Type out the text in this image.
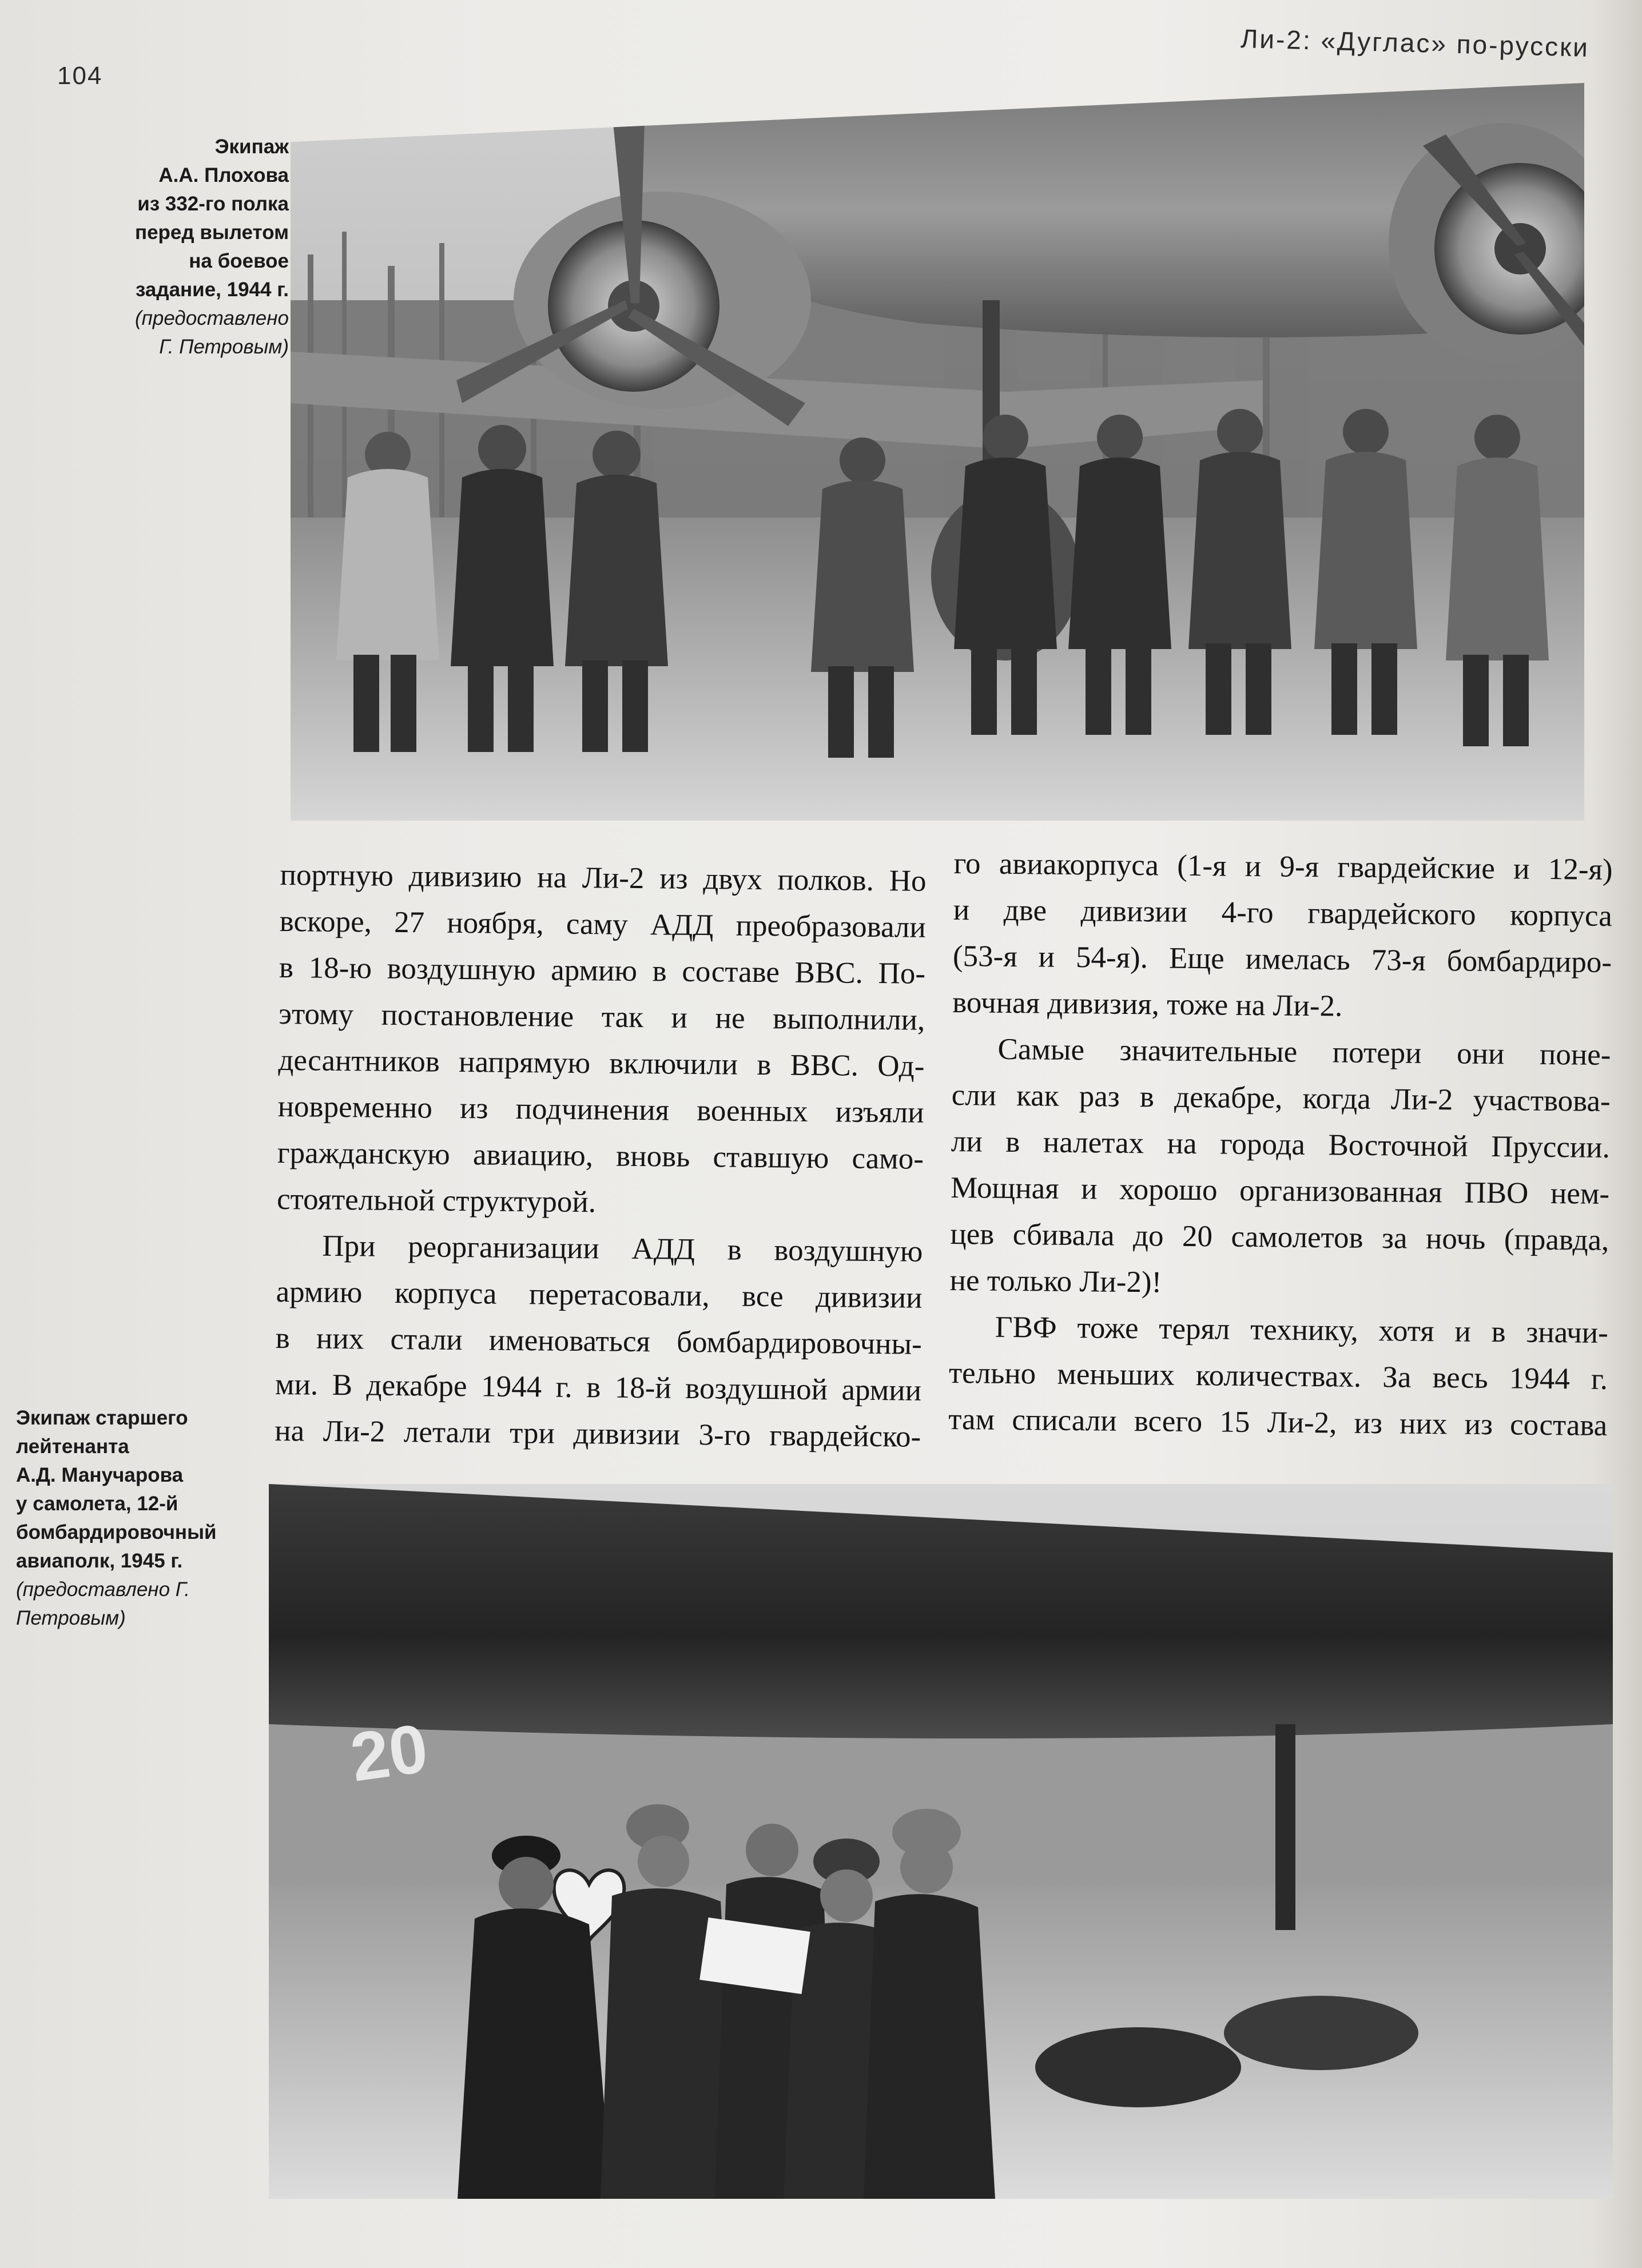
104
Ли-2: «Дуглас» по-русски
Экипаж
А.А. Плохова
из 332-го полка
перед вылетом
на боевое
задание, 1944 г.
(предоставлено
Г. Петровым)
портную дивизию на Ли-2 из двух полков. Но
вскоре, 27 ноября, саму АДД преобразовали
в 18-ю воздушную армию в составе ВВС. По-
этому постановление так и не выполнили,
десантников напрямую включили в ВВС. Од-
новременно из подчинения военных изъяли
гражданскую авиацию, вновь ставшую само-
стоятельной структурой.
При реорганизации АДД в воздушную
армию корпуса перетасовали, все дивизии
в них стали именоваться бомбардировочны-
ми. В декабре 1944 г. в 18-й воздушной армии
на Ли-2 летали три дивизии 3-го гвардейско-
го авиакорпуса (1-я и 9-я гвардейские и 12-я)
и две дивизии 4-го гвардейского корпуса
(53-я и 54-я). Еще имелась 73-я бомбардиро-
вочная дивизия, тоже на Ли-2.
Самые значительные потери они поне-
сли как раз в декабре, когда Ли-2 участвова-
ли в налетах на города Восточной Пруссии.
Мощная и хорошо организованная ПВО нем-
цев сбивала до 20 самолетов за ночь (правда,
не только Ли-2)!
ГВФ тоже терял технику, хотя и в значи-
тельно меньших количествах. За весь 1944 г.
там списали всего 15 Ли-2, из них из состава
Экипаж старшего
лейтенанта
А.Д. Манучарова
у самолета, 12-й
бомбардировочный
авиаполк, 1945 г.
(предоставлено Г.
Петровым)
20
